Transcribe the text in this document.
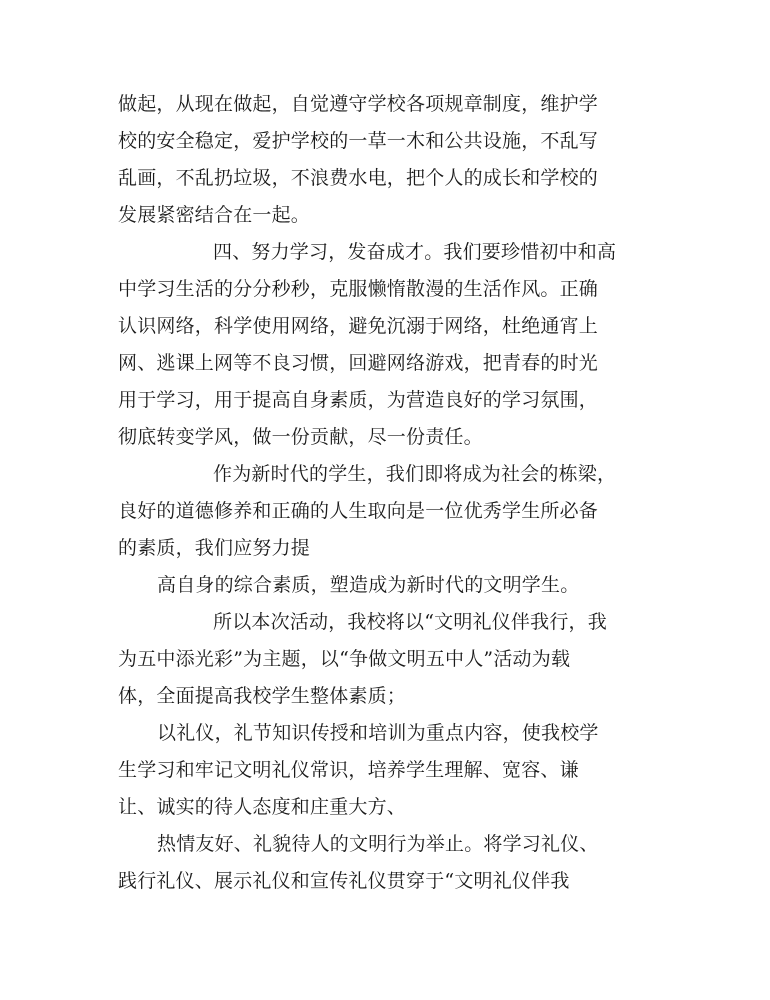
做起，从现在做起，自觉遵守学校各项规章制度，维护学
校的安全稳定，爱护学校的一草一木和公共设施，不乱写
乱画，不乱扔垃圾，不浪费水电，把个人的成长和学校的
发展紧密结合在一起。
四、努力学习，发奋成才。我们要珍惜初中和高
中学习生活的分分秒秒，克服懒惰散漫的生活作风。正确
认识网络，科学使用网络，避免沉溺于网络，杜绝通宵上
网、逃课上网等不良习惯，回避网络游戏，把青春的时光
用于学习，用于提高自身素质，为营造良好的学习氛围，
彻底转变学风，做一份贡献，尽一份责任。
作为新时代的学生，我们即将成为社会的栋梁，
良好的道德修养和正确的人生取向是一位优秀学生所必备
的素质，我们应努力提
高自身的综合素质，塑造成为新时代的文明学生。
所以本次活动，我校将以“文明礼仪伴我行，我
为五中添光彩”为主题，以“争做文明五中人”活动为载
体，全面提高我校学生整体素质；
以礼仪，礼节知识传授和培训为重点内容，使我校学
生学习和牢记文明礼仪常识，培养学生理解、宽容、谦
让、诚实的待人态度和庄重大方、
热情友好、礼貌待人的文明行为举止。将学习礼仪、
践行礼仪、展示礼仪和宣传礼仪贯穿于“文明礼仪伴我
